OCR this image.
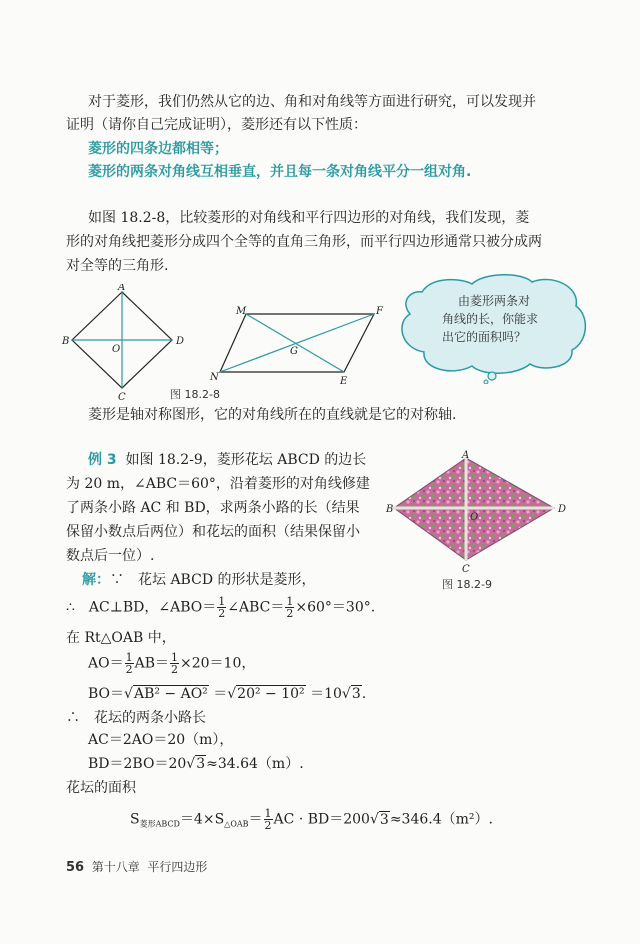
对于菱形，我们仍然从它的边、角和对角线等方面进行研究，可以发现并
证明（请你自己完成证明），菱形还有以下性质：
菱形的四条边都相等；
菱形的两条对角线互相垂直，并且每一条对角线平分一组对角.
如图 18.2-8，比较菱形的对角线和平行四边形的对角线，我们发现，菱
形的对角线把菱形分成四个全等的直角三角形，而平行四边形通常只被分成两
对全等的三角形.
A
B
C
D
O
M	F
N	E
G
图 18.2-8
由菱形两条对
角线的长，你能求
出它的面积吗？
菱形是轴对称图形，它的对角线所在的直线就是它的对称轴.
例 3 如图 18.2-9，菱形花坛 ABCD 的边长
为 20 m，∠ABC＝60°，沿着菱形的对角线修建
了两条小路 AC 和 BD，求两条小路的长（结果
保留小数点后两位）和花坛的面积（结果保留小
数点后一位）.
A
B
C
D
O
图 18.2-9
解：∵　花坛 ABCD 的形状是菱形，
∴　AC⊥BD，∠ABO＝ $\frac{1}{2}$ ∠ABC＝ $\frac{1}{2} \times 60^\circ=30^\circ$.
在 Rt△OAB 中，
$AO= \frac{1}{2} AB= \frac{1}{2} \times 20=10$，
BO＝√AB² − AO² ＝√20² − 10² ＝10√3.
∴　花坛的两条小路长
AC＝2AO＝20（m），
BD＝2BO＝20√3≈34.64（m）.
花坛的面积
$S_{菱形ABCD}=4\times S_{\triangle OAB}= \frac{1}{2}$ AC · BD＝200√3≈346.4（m²）.
56 第十八章 平行四边形
